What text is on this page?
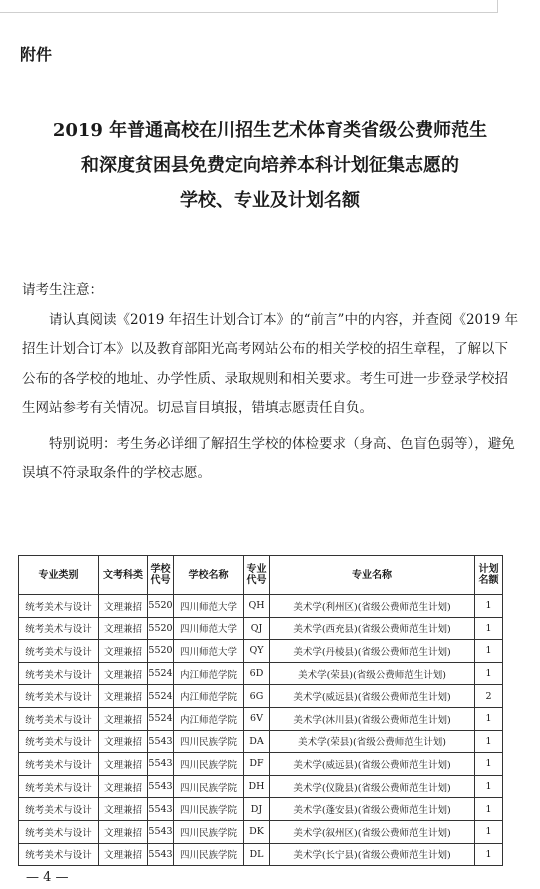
附件
2019 年普通高校在川招生艺术体育类省级公费师范生
和深度贫困县免费定向培养本科计划征集志愿的
学校、专业及计划名额

请考生注意：

请认真阅读《2019 年招生计划合订本》的“前言”中的内容，并查阅《2019 年招生计划合订本》以及教育部阳光高考网站公布的相关学校的招生章程，了解以下公布的各学校的地址、办学性质、录取规则和相关要求。考生可进一步登录学校招生网站参考有关情况。切忌盲目填报，错填志愿责任自负。

特别说明：考生务必详细了解招生学校的体检要求（身高、色盲色弱等），避免误填不符录取条件的学校志愿。

专业类别	文考科类	学校代号	学校名称	专业代号	专业名称	计划名额
统考美术与设计	文理兼招	5520	四川师范大学	QH	美术学(利州区)(省级公费师范生计划)	1
统考美术与设计	文理兼招	5520	四川师范大学	QJ	美术学(西充县)(省级公费师范生计划)	1
统考美术与设计	文理兼招	5520	四川师范大学	QY	美术学(丹棱县)(省级公费师范生计划)	1
统考美术与设计	文理兼招	5524	内江师范学院	6D	美术学(荣县)(省级公费师范生计划)	1
统考美术与设计	文理兼招	5524	内江师范学院	6G	美术学(威远县)(省级公费师范生计划)	2
统考美术与设计	文理兼招	5524	内江师范学院	6V	美术学(沐川县)(省级公费师范生计划)	1
统考美术与设计	文理兼招	5543	四川民族学院	DA	美术学(荣县)(省级公费师范生计划)	1
统考美术与设计	文理兼招	5543	四川民族学院	DF	美术学(威远县)(省级公费师范生计划)	1
统考美术与设计	文理兼招	5543	四川民族学院	DH	美术学(仪陇县)(省级公费师范生计划)	1
统考美术与设计	文理兼招	5543	四川民族学院	DJ	美术学(蓬安县)(省级公费师范生计划)	1
统考美术与设计	文理兼招	5543	四川民族学院	DK	美术学(叙州区)(省级公费师范生计划)	1
统考美术与设计	文理兼招	5543	四川民族学院	DL	美术学(长宁县)(省级公费师范生计划)	1
— 4 —
